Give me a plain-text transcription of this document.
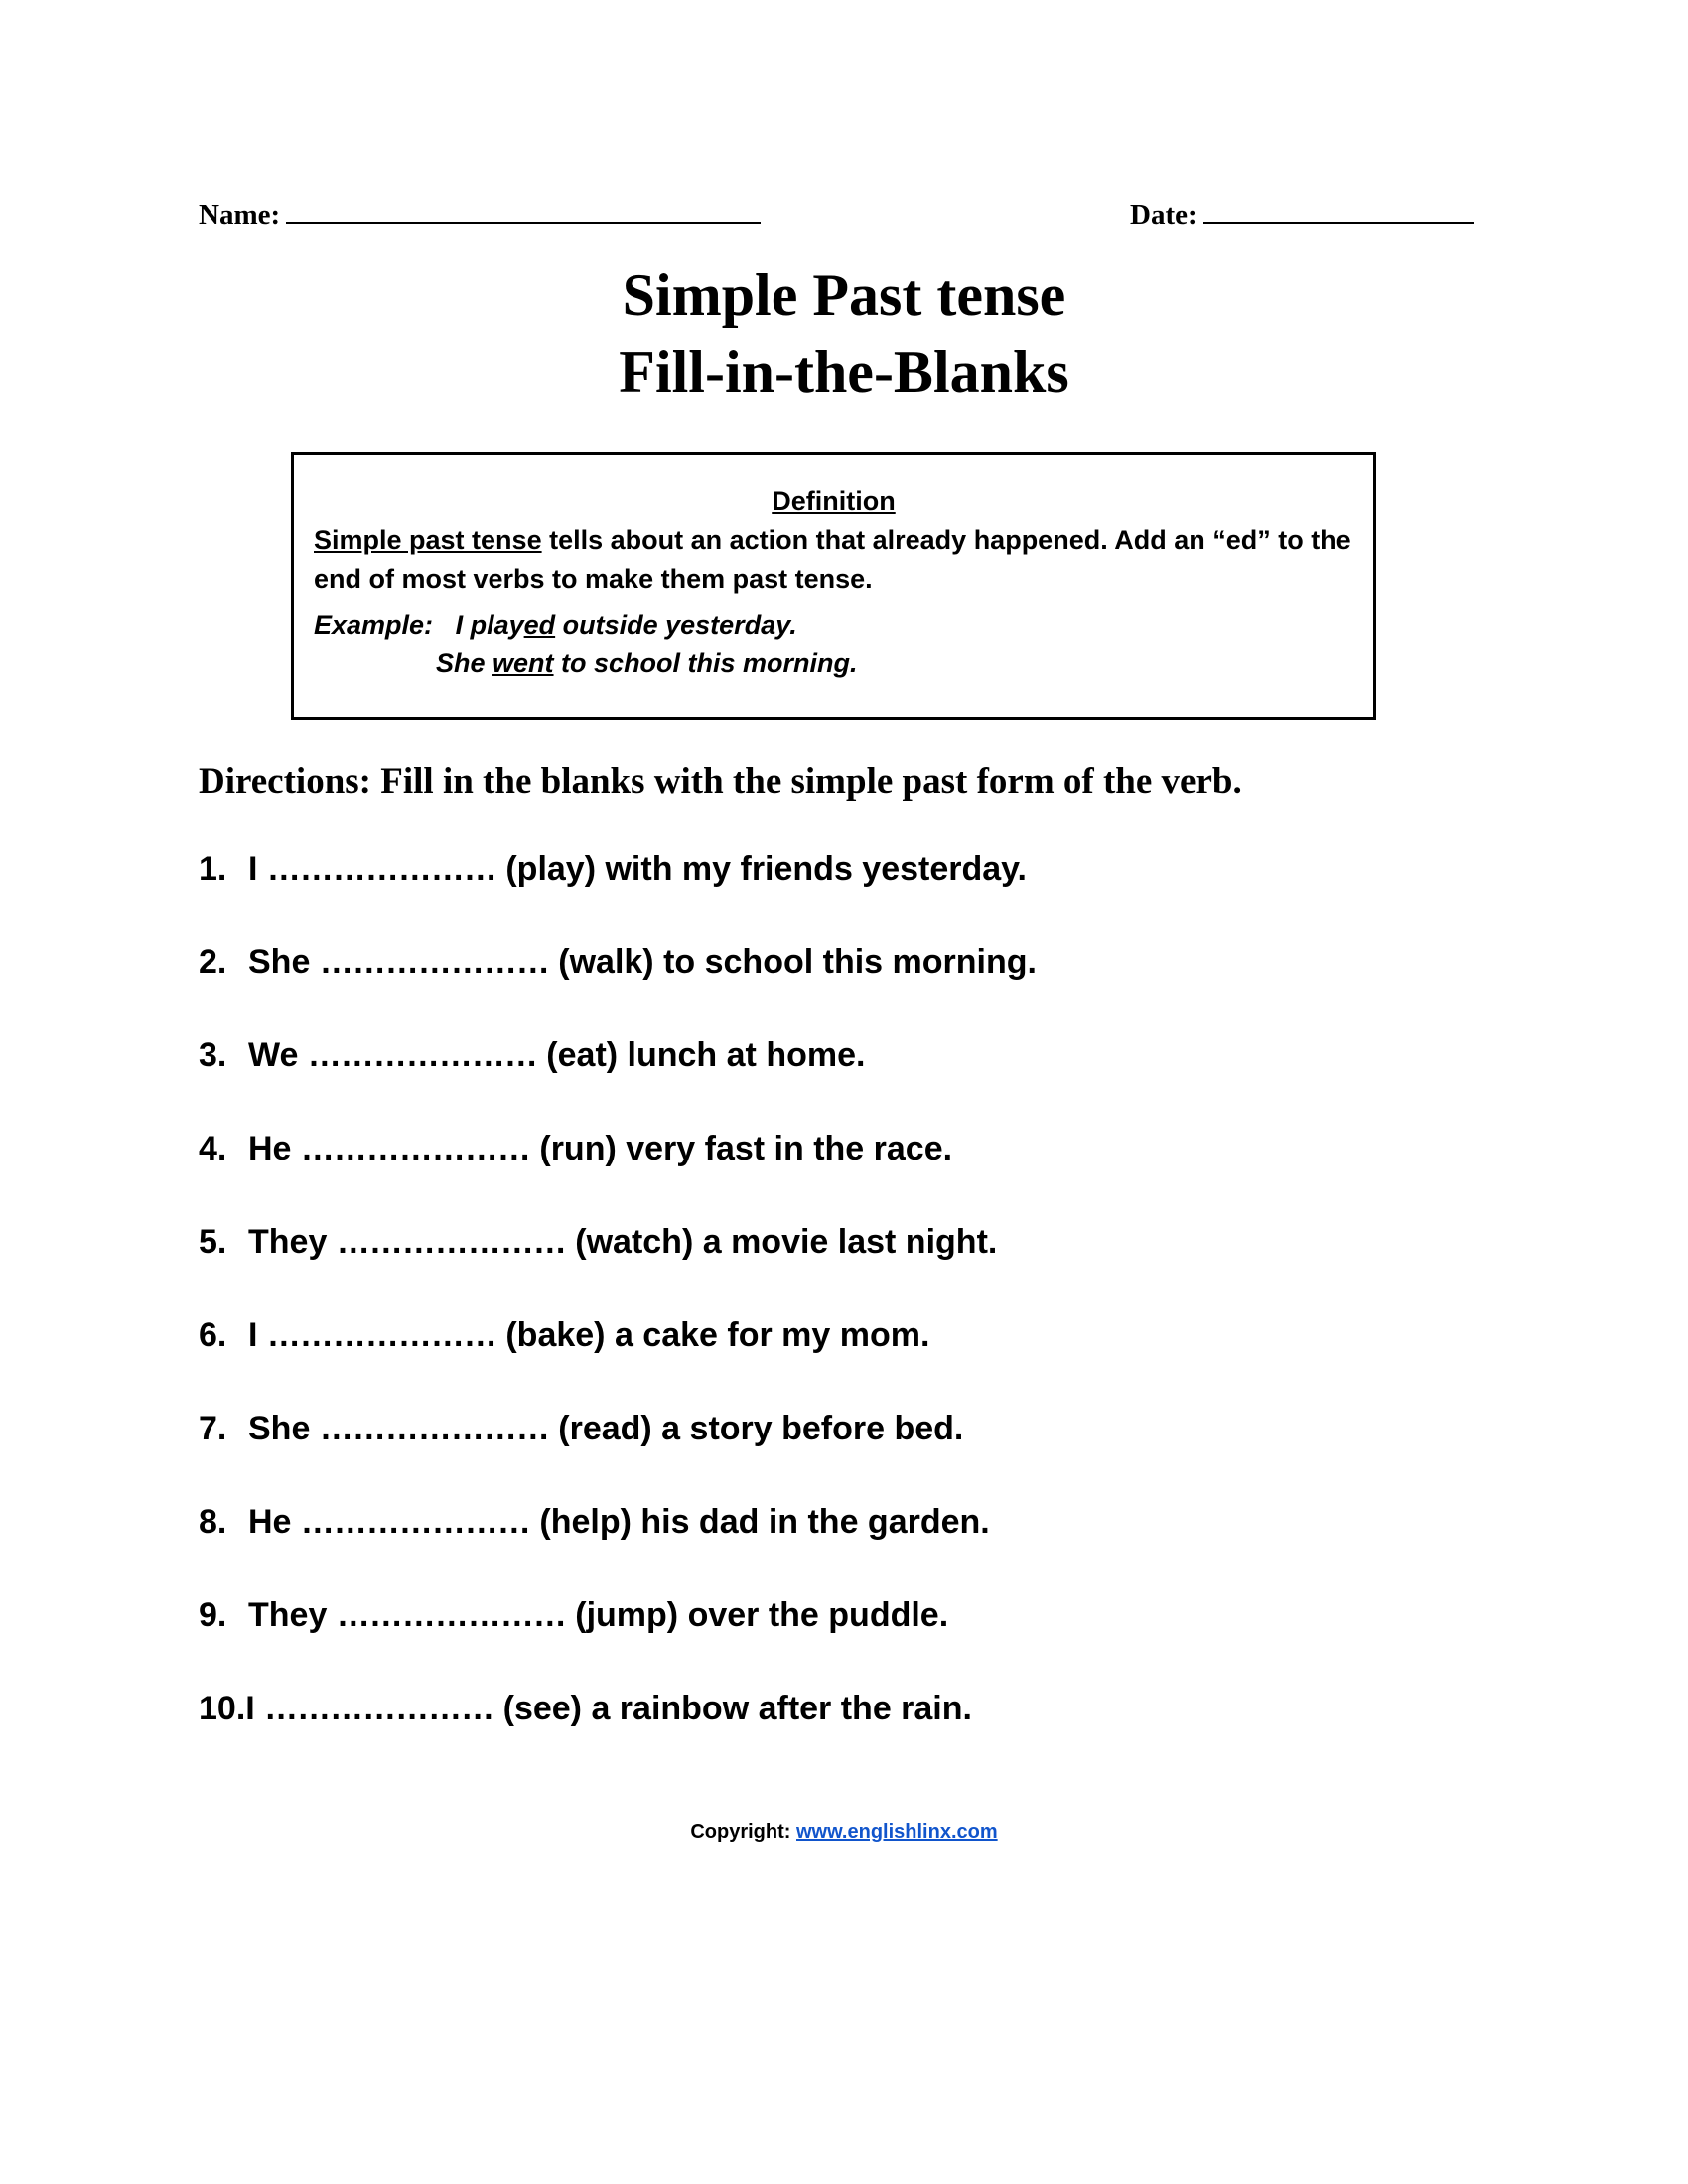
Name:	Date:
Simple Past tense
Fill-in-the-Blanks
Definition
Simple past tense tells about an action that already happened. Add an “ed” to the end of most verbs to make them past tense.
Example: I played outside yesterday.
She went to school this morning.
Directions: Fill in the blanks with the simple past form of the verb.
1. I ………………… (play) with my friends yesterday.
2. She ………………… (walk) to school this morning.
3. We ………………… (eat) lunch at home.
4. He ………………… (run) very fast in the race.
5. They ………………… (watch) a movie last night.
6. I ………………… (bake) a cake for my mom.
7. She ………………… (read) a story before bed.
8. He ………………… (help) his dad in the garden.
9. They ………………… (jump) over the puddle.
10.I ………………… (see) a rainbow after the rain.
Copyright: www.englishlinx.com
